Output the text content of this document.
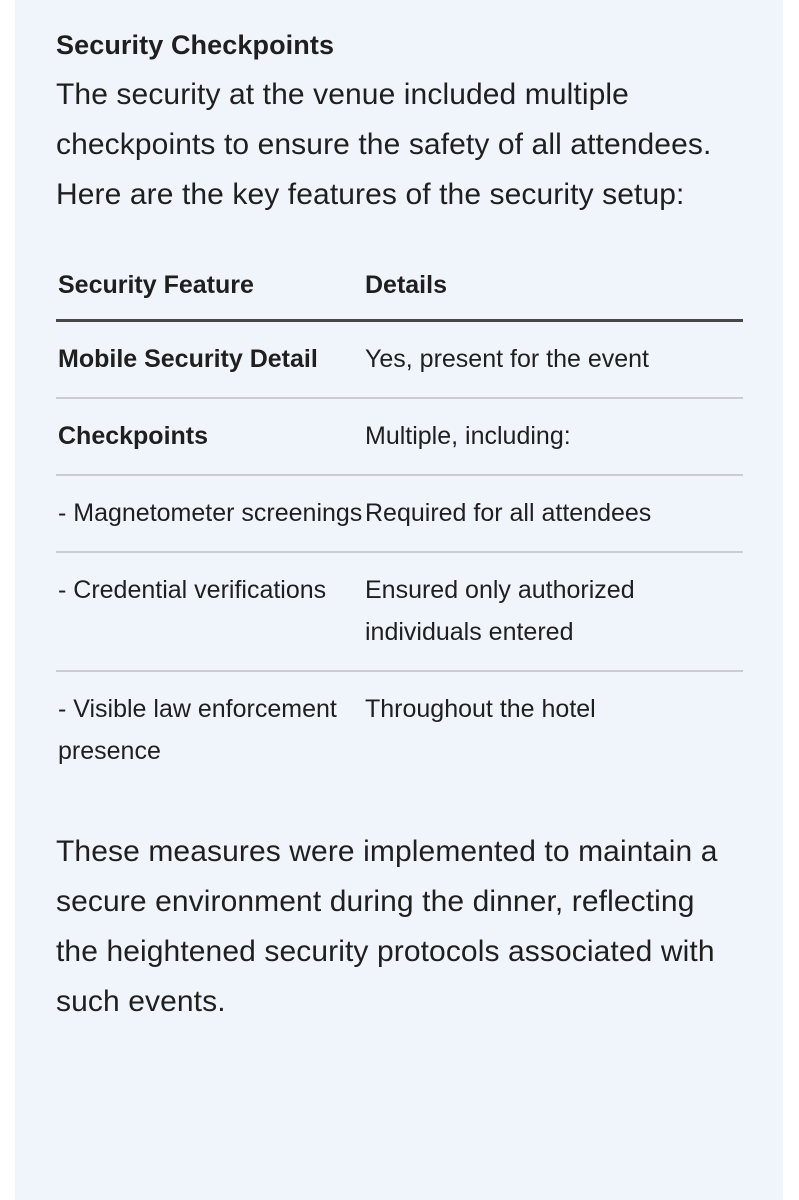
Security Checkpoints

The security at the venue included multiple checkpoints to ensure the safety of all attendees. Here are the key features of the security setup:

Security Feature	Details
Mobile Security Detail	Yes, present for the event
Checkpoints	Multiple, including:
- Magnetometer screenings	Required for all attendees
- Credential verifications	Ensured only authorized individuals entered
- Visible law enforcement presence	Throughout the hotel

These measures were implemented to maintain a secure environment during the dinner, reflecting the heightened security protocols associated with such events.
